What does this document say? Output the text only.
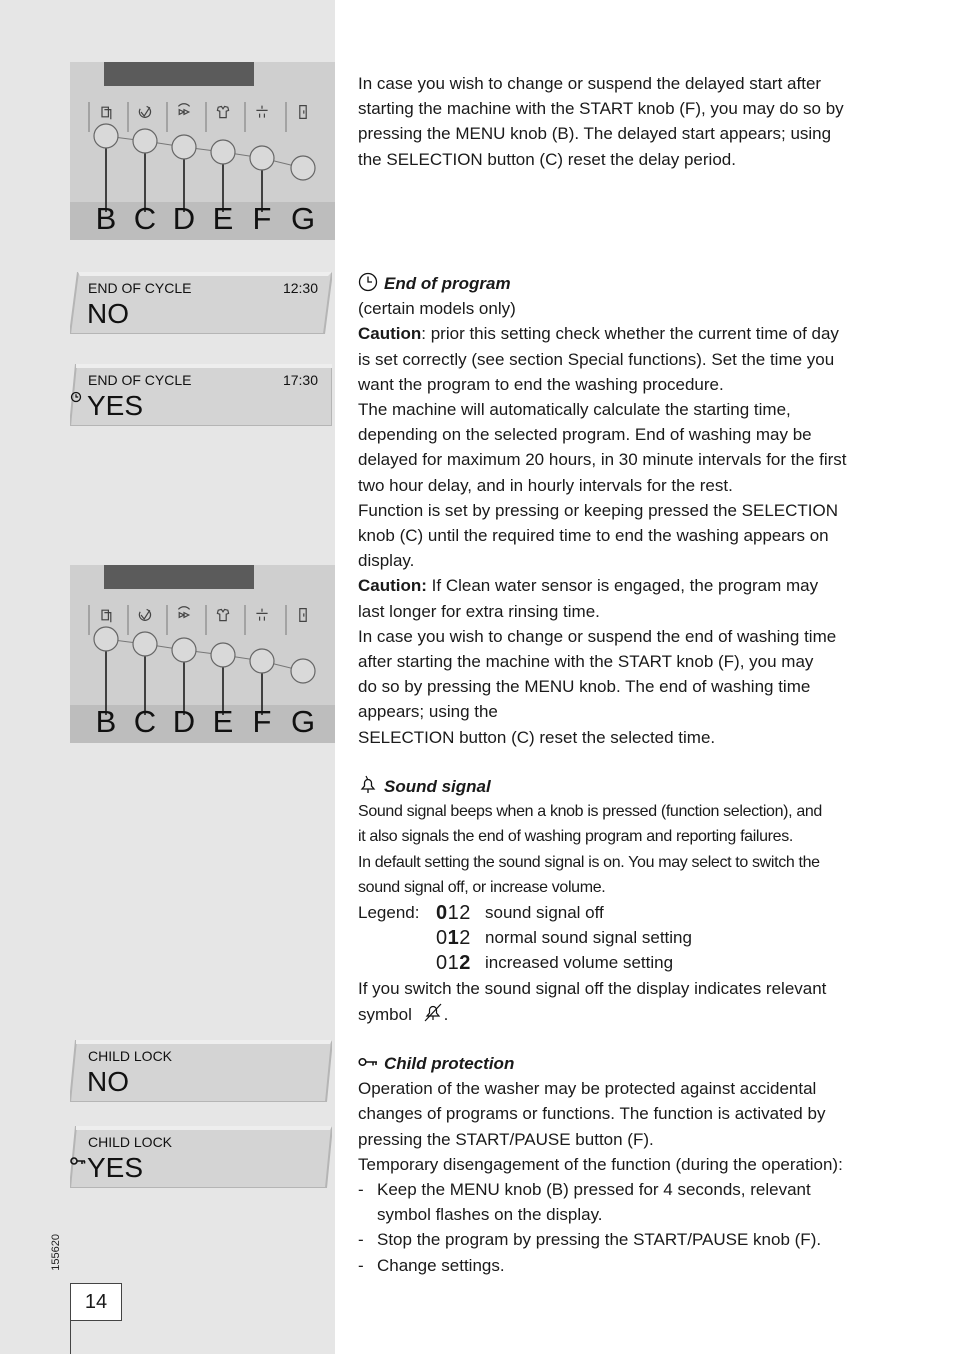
B C D E F G
B C D E F G
END OF CYCLE	12:30
NO
END OF CYCLE	17:30
YES
CHILD LOCK
NO
CHILD LOCK
YES

In case you wish to change or suspend the delayed start after

starting the machine with the START knob (F), you may do so by

pressing the MENU knob (B). The delayed start appears; using

the SELECTION button (C) reset the delay period.

End of program

(certain models only)

Caution: prior this setting check whether the current time of day

is set correctly (see section Special functions). Set the time you

want the program to end the washing procedure.

The machine will automatically calculate the starting time,

depending on the selected program. End of washing may be

delayed for maximum 20 hours, in 30 minute intervals for the first

two hour delay, and in hourly intervals for the rest.

Function is set by pressing or keeping pressed the SELECTION

knob (C) until the required time to end the washing appears on

display.

Caution: If Clean water sensor is engaged, the program may

last longer for extra rinsing time.

In case you wish to change or suspend the end of washing time

after starting the machine with the START knob (F), you may

do so by pressing the MENU knob. The end of washing time

appears; using the

SELECTION button (C) reset the selected time.

Sound signal

Sound signal beeps when a knob is pressed (function selection), and

it also signals the end of washing program and reporting failures.

In default setting the sound signal is on. You may select to switch the

sound signal off, or increase volume.

Legend: 012 sound signal off
012 normal sound signal setting
012 increased volume setting

If you switch the sound signal off the display indicates relevant

symbol .

Child protection

Operation of the washer may be protected against accidental

changes of programs or functions. The function is activated by

pressing the START/PAUSE button (F).

Temporary disengagement of the function (during the operation):

- Keep the MENU knob (B) pressed for 4 seconds, relevant

symbol flashes on the display.

- Stop the program by pressing the START/PAUSE knob (F).

- Change settings.

155620
14
